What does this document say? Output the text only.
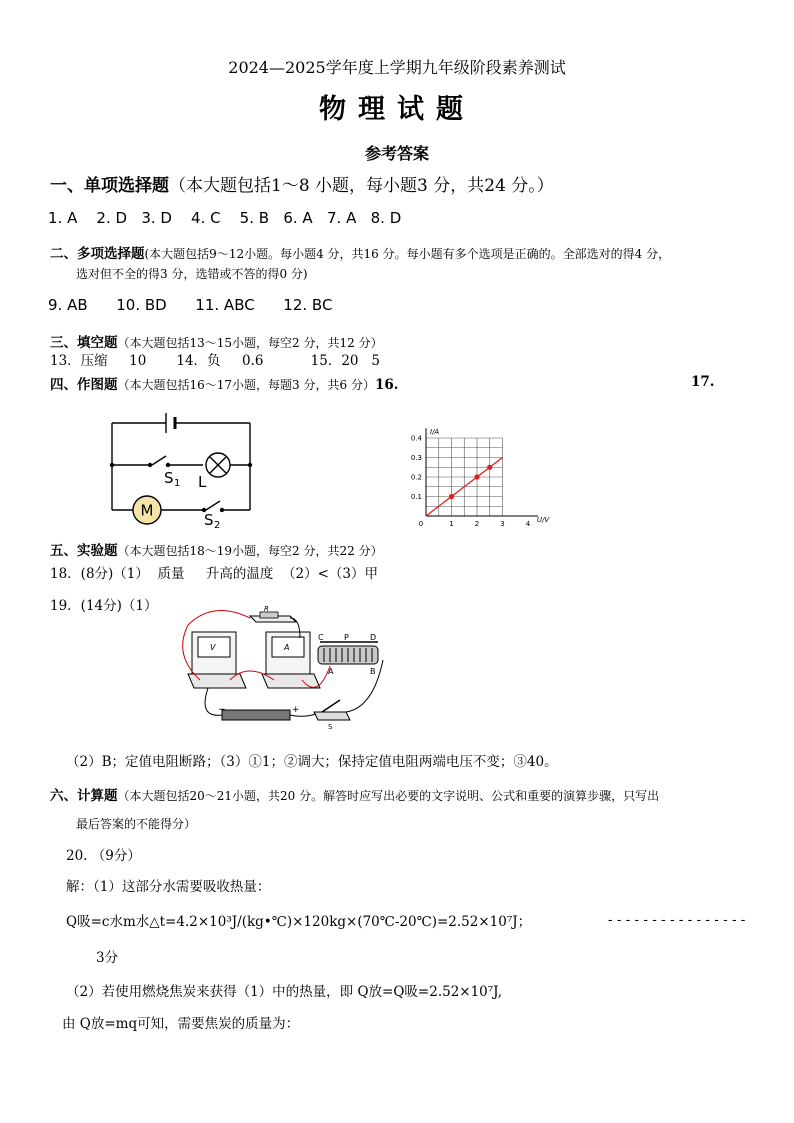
2024—2025学年度上学期九年级阶段素养测试
物理试题
参考答案
一、单项选择题（本大题包括1～8 小题，每小题3 分，共24 分。）
1. A    2. D   3. D    4. C    5. B   6. A   7. A   8. D
二、多项选择题(本大题包括9～12小题。每小题4 分，共16 分。每小题有多个选项是正确的。全部选对的得4 分，
选对但不全的得3 分，选错或不答的得0 分)
9. AB      10. BD      11. ABC      12. BC
三、填空题（本大题包括13～15小题，每空2 分，共12 分）
13．压缩     10       14．负     0.6           15．20   5
四、作图题（本大题包括16～17小题，每题3 分，共6 分）16.	17.
M
S 1 L
S 2	0	1	2	3	4
0.1
0.2
0.3
0.4
U/V
I/A
五、实验题（本大题包括18～19小题，每空2 分，共22 分）
18．(8分)（1）  质量     升高的温度  （2）<（3）甲
19．(14分)（1）	R
V	A
C	P	D
A	B
−	+
S
（2）B；定值电阻断路；（3）①1；②调大；保持定值电阻两端电压不变；③40。
六、计算题（本大题包括20～21小题，共20 分。解答时应写出必要的文字说明、公式和重要的演算步骤，只写出
最后答案的不能得分）
20. （9分）
解：（1）这部分水需要吸收热量：
Q吸=c水m水△t=4.2×10³J/(kg•℃)×120kg×(70℃-20℃)=2.52×10⁷J；	- - - - - - - - - - - - - - - -
3分
（2）若使用燃烧焦炭来获得（1）中的热量，即 Q放=Q吸=2.52×10⁷J,
由 Q放=mq可知，需要焦炭的质量为：
